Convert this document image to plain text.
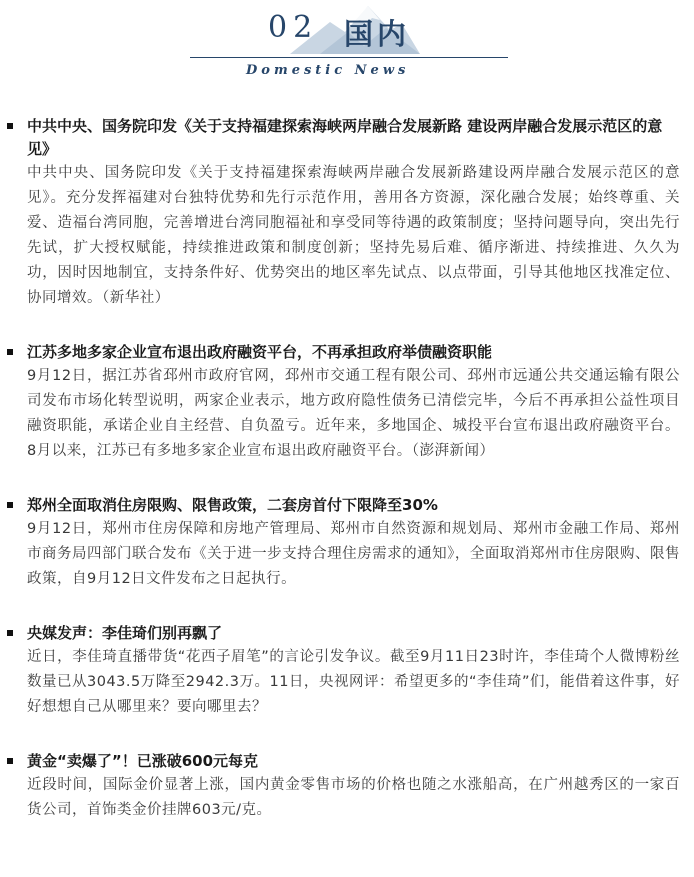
02 国内
Domestic News
中共中央、国务院印发《关于支持福建探索海峡两岸融合发展新路 建设两岸融合发展示范区的意见》
中共中央、国务院印发《关于支持福建探索海峡两岸融合发展新路建设两岸融合发展示范区的意见》。充分发挥福建对台独特优势和先行示范作用，善用各方资源，深化融合发展；始终尊重、关爱、造福台湾同胞，完善增进台湾同胞福祉和享受同等待遇的政策制度；坚持问题导向，突出先行先试，扩大授权赋能，持续推进政策和制度创新；坚持先易后难、循序渐进、持续推进、久久为功，因时因地制宜，支持条件好、优势突出的地区率先试点、以点带面，引导其他地区找准定位、协同增效。（新华社）
江苏多地多家企业宣布退出政府融资平台，不再承担政府举债融资职能
9月12日，据江苏省邳州市政府官网，邳州市交通工程有限公司、邳州市远通公共交通运输有限公司发布市场化转型说明，两家企业表示，地方政府隐性债务已清偿完毕，今后不再承担公益性项目融资职能，承诺企业自主经营、自负盈亏。近年来，多地国企、城投平台宣布退出政府融资平台。8月以来，江苏已有多地多家企业宣布退出政府融资平台。（澎湃新闻）
郑州全面取消住房限购、限售政策，二套房首付下限降至30%
9月12日，郑州市住房保障和房地产管理局、郑州市自然资源和规划局、郑州市金融工作局、郑州市商务局四部门联合发布《关于进一步支持合理住房需求的通知》，全面取消郑州市住房限购、限售政策，自9月12日文件发布之日起执行。
央媒发声：李佳琦们别再飘了
近日，李佳琦直播带货“花西子眉笔”的言论引发争议。截至9月11日23时许，李佳琦个人微博粉丝数量已从3043.5万降至2942.3万。11日，央视网评：希望更多的“李佳琦”们，能借着这件事，好好想想自己从哪里来？要向哪里去？
黄金“卖爆了”！已涨破600元每克
近段时间，国际金价显著上涨，国内黄金零售市场的价格也随之水涨船高，在广州越秀区的一家百货公司，首饰类金价挂牌603元/克。
